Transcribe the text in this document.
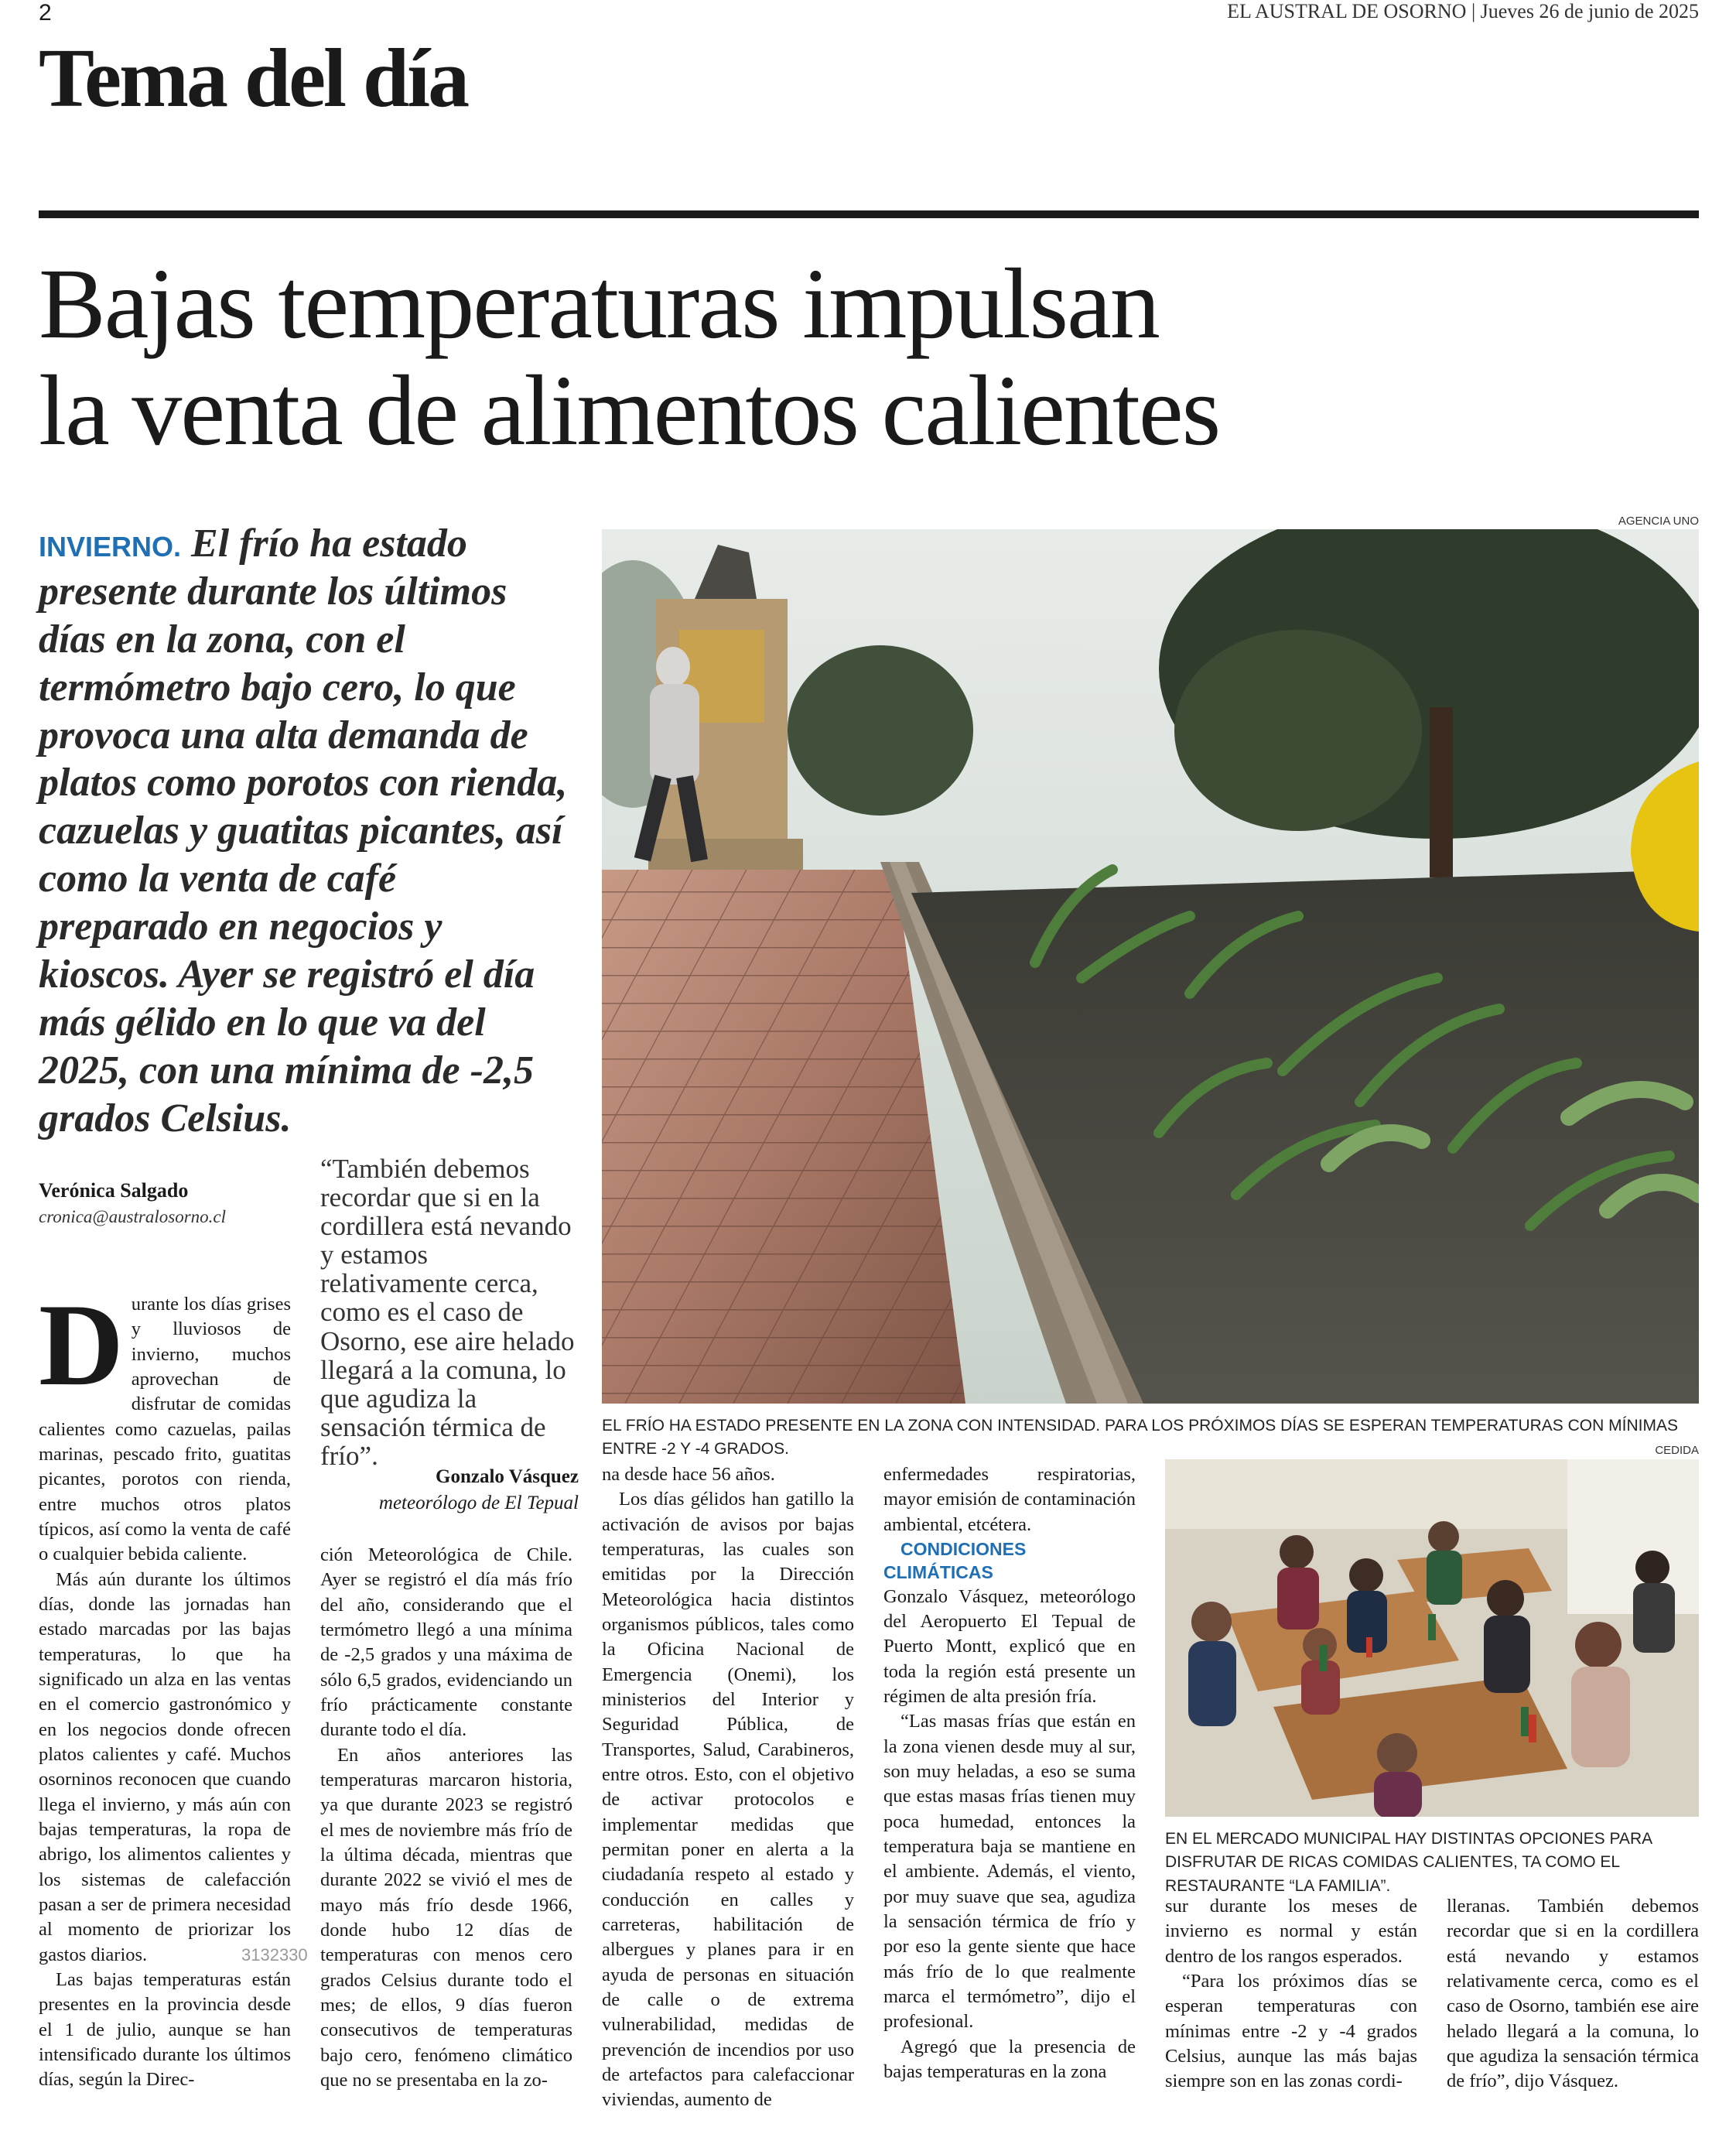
2	EL AUSTRAL DE OSORNO | Jueves 26 de junio de 2025
Tema del día
Bajas temperaturas impulsan
la venta de alimentos calientes
INVIERNO. El frío ha estado presente durante los últimos días en la zona, con el termómetro bajo cero, lo que provoca una alta demanda de platos como porotos con rienda, cazuelas y guatitas picantes, así como la venta de café preparado en negocios y kioscos. Ayer se registró el día más gélido en lo que va del 2025, con una mínima de -2,5 grados Celsius.
Verónica Salgado
cronica@australosorno.cl
“También debemos recordar que si en la cordillera está nevando y estamos relativamente cerca, como es el caso de Osorno, ese aire helado llegará a la comuna, lo que agudiza la sensación térmica de frío”.
Gonzalo Vásquez
meteorólogo de El Tepual

Durante los días grises y lluviosos de invierno, muchos aprovechan de disfrutar de comidas calientes como cazuelas, pailas marinas, pescado frito, guatitas picantes, porotos con rienda, entre muchos otros platos típicos, así como la venta de café o cualquier bebida caliente.

Más aún durante los últimos días, donde las jornadas han estado marcadas por las bajas temperaturas, lo que ha significado un alza en las ventas en el comercio gastronómico y en los negocios donde ofrecen platos calientes y café. Muchos osorninos reconocen que cuando llega el invierno, y más aún con bajas temperaturas, la ropa de abrigo, los alimentos calientes y los sistemas de calefacción pasan a ser de primera necesidad al momento de priorizar los gastos diarios.

Las bajas temperaturas están presentes en la provincia desde el 1 de julio, aunque se han intensificado durante los últimos días, según la Direc-

ción Meteorológica de Chile. Ayer se registró el día más frío del año, considerando que el termómetro llegó a una mínima de -2,5 grados y una máxima de sólo 6,5 grados, evidenciando un frío prácticamente constante durante todo el día.

En años anteriores las temperaturas marcaron historia, ya que durante 2023 se registró el mes de noviembre más frío de la última década, mientras que durante 2022 se vivió el mes de mayo más frío desde 1966, donde hubo 12 días de temperaturas con menos cero grados Celsius durante todo el mes; de ellos, 9 días fueron consecutivos de temperaturas bajo cero, fenómeno climático que no se presentaba en la zo-

na desde hace 56 años.

Los días gélidos han gatillo la activación de avisos por bajas temperaturas, las cuales son emitidas por la Dirección Meteorológica hacia distintos organismos públicos, tales como la Oficina Nacional de Emergencia (Onemi), los ministerios del Interior y Seguridad Pública, de Transportes, Salud, Carabineros, entre otros. Esto, con el objetivo de activar protocolos e implementar medidas que permitan poner en alerta a la ciudadanía respeto al estado y conducción en calles y carreteras, habilitación de albergues y planes para ir en ayuda de personas en situación de calle o de extrema vulnerabilidad, medidas de prevención de incendios por uso de artefactos para calefaccionar viviendas, aumento de

enfermedades respiratorias, mayor emisión de contaminación ambiental, etcétera.

CONDICIONES CLIMÁTICAS

Gonzalo Vásquez, meteorólogo del Aeropuerto El Tepual de Puerto Montt, explicó que en toda la región está presente un régimen de alta presión fría.

“Las masas frías que están en la zona vienen desde muy al sur, son muy heladas, a eso se suma que estas masas frías tienen muy poca humedad, entonces la temperatura baja se mantiene en el ambiente. Además, el viento, por muy suave que sea, agudiza la sensación térmica de frío y por eso la gente siente que hace más frío de lo que realmente marca el termómetro”, dijo el profesional.

Agregó que la presencia de bajas temperaturas en la zona

sur durante los meses de invierno es normal y están dentro de los rangos esperados.

“Para los próximos días se esperan temperaturas con mínimas entre -2 y -4 grados Celsius, aunque las más bajas siempre son en las zonas cordi-

lleranas. También debemos recordar que si en la cordillera está nevando y estamos relativamente cerca, como es el caso de Osorno, también ese aire helado llegará a la comuna, lo que agudiza la sensación térmica de frío”, dijo Vásquez.

AGENCIA UNO
EL FRÍO HA ESTADO PRESENTE EN LA ZONA CON INTENSIDAD. PARA LOS PRÓXIMOS DÍAS SE ESPERAN TEMPERATURAS CON MÍNIMAS ENTRE -2 Y -4 GRADOS.	CEDIDA
EN EL MERCADO MUNICIPAL HAY DISTINTAS OPCIONES PARA DISFRUTAR DE RICAS COMIDAS CALIENTES, TA COMO EL RESTAURANTE “LA FAMILIA”.
3132330
